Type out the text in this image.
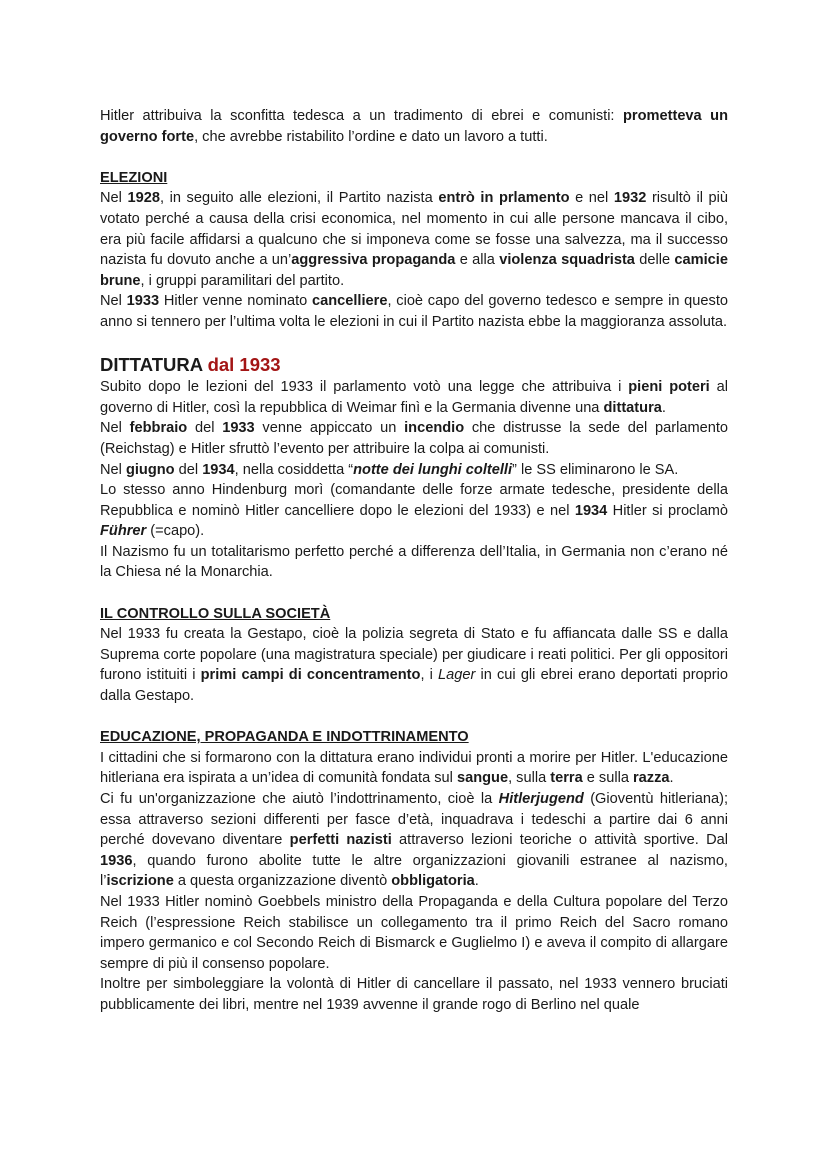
Hitler attribuiva la sconfitta tedesca a un tradimento di ebrei e comunisti: prometteva un governo forte, che avrebbe ristabilito l’ordine e dato un lavoro a tutti.

ELEZIONI

Nel 1928, in seguito alle elezioni, il Partito nazista entrò in prlamento e nel 1932 risultò il più votato perché a causa della crisi economica, nel momento in cui alle persone mancava il cibo, era più facile affidarsi a qualcuno che si imponeva come se fosse una salvezza, ma il successo nazista fu dovuto anche a un’aggressiva propaganda e alla violenza squadrista delle camicie brune, i gruppi paramilitari del partito.

Nel 1933 Hitler venne nominato cancelliere, cioè capo del governo tedesco e sempre in questo anno si tennero per l’ultima volta le elezioni in cui il Partito nazista ebbe la maggioranza assoluta.

DITTATURA dal 1933

Subito dopo le lezioni del 1933 il parlamento votò una legge che attribuiva i pieni poteri al governo di Hitler, così la repubblica di Weimar finì e la Germania divenne una dittatura.

Nel febbraio del 1933 venne appiccato un incendio che distrusse la sede del parlamento (Reichstag) e Hitler sfruttò l’evento per attribuire la colpa ai comunisti.

Nel giugno del 1934, nella cosiddetta “notte dei lunghi coltelli” le SS eliminarono le SA.

Lo stesso anno Hindenburg morì (comandante delle forze armate tedesche, presidente della Repubblica e nominò Hitler cancelliere dopo le elezioni del 1933) e nel 1934 Hitler si proclamò Führer (=capo).

Il Nazismo fu un totalitarismo perfetto perché a differenza dell’Italia, in Germania non c’erano né la Chiesa né la Monarchia.

IL CONTROLLO SULLA SOCIETÀ

Nel 1933 fu creata la Gestapo, cioè la polizia segreta di Stato e fu affiancata dalle SS e dalla Suprema corte popolare (una magistratura speciale) per giudicare i reati politici. Per gli oppositori furono istituiti i primi campi di concentramento, i Lager in cui gli ebrei erano deportati proprio dalla Gestapo.

EDUCAZIONE, PROPAGANDA E INDOTTRINAMENTO

I cittadini che si formarono con la dittatura erano individui pronti a morire per Hitler. L'educazione hitleriana era ispirata a un’idea di comunità fondata sul sangue, sulla terra e sulla razza.

Ci fu un'organizzazione che aiutò l’indottrinamento, cioè la Hitlerjugend (Gioventù hitleriana); essa attraverso sezioni differenti per fasce d’età, inquadrava i tedeschi a partire dai 6 anni perché dovevano diventare perfetti nazisti attraverso lezioni teoriche o attività sportive. Dal 1936, quando furono abolite tutte le altre organizzazioni giovanili estranee al nazismo, l’iscrizione a questa organizzazione diventò obbligatoria.

Nel 1933 Hitler nominò Goebbels ministro della Propaganda e della Cultura popolare del Terzo Reich (l’espressione Reich stabilisce un collegamento tra il primo Reich del Sacro romano impero germanico e col Secondo Reich di Bismarck e Guglielmo I) e aveva il compito di allargare sempre di più il consenso popolare.

Inoltre per simboleggiare la volontà di Hitler di cancellare il passato, nel 1933 vennero bruciati pubblicamente dei libri, mentre nel 1939 avvenne il grande rogo di Berlino nel quale
